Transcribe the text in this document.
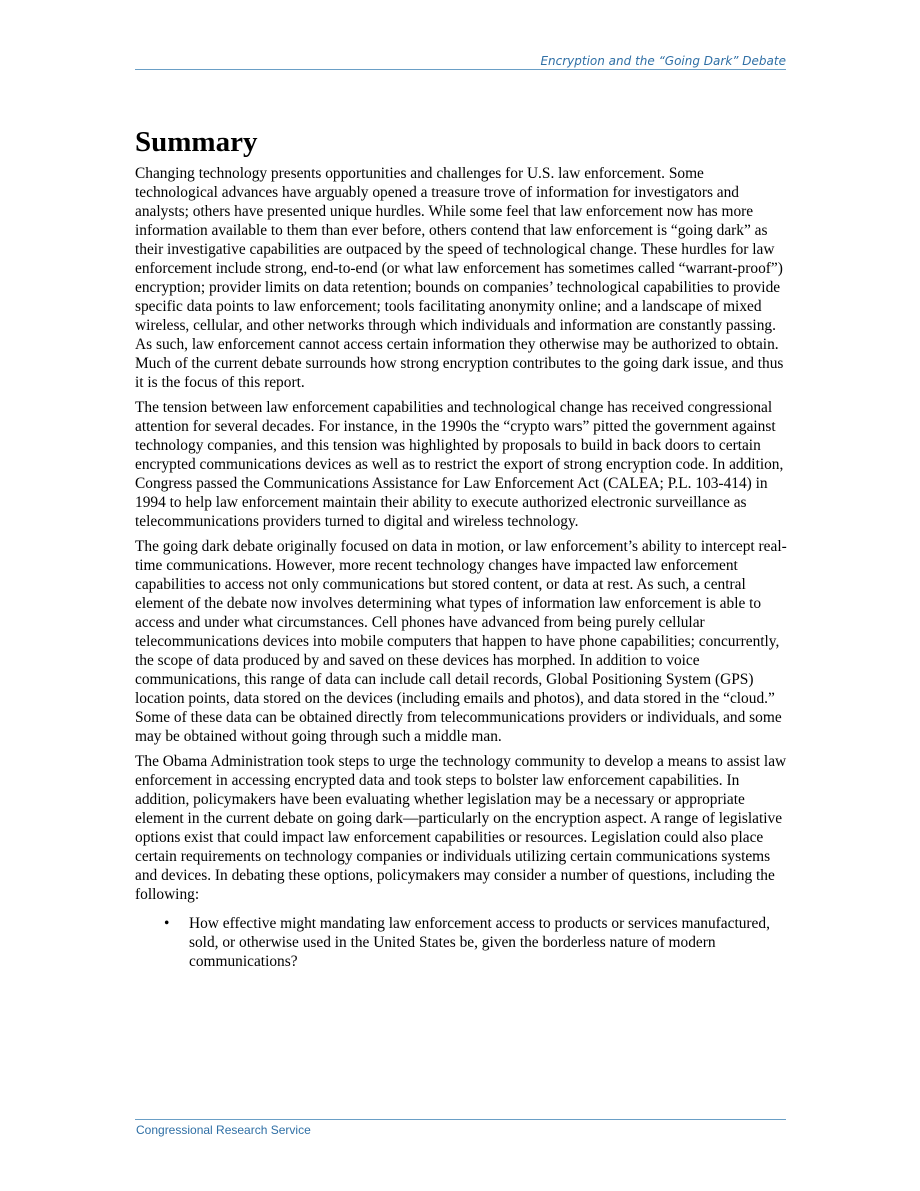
Encryption and the “Going Dark” Debate
Summary

Changing technology presents opportunities and challenges for U.S. law enforcement. Some technological advances have arguably opened a treasure trove of information for investigators and analysts; others have presented unique hurdles. While some feel that law enforcement now has more information available to them than ever before, others contend that law enforcement is “going dark” as their investigative capabilities are outpaced by the speed of technological change. These hurdles for law enforcement include strong, end-to-end (or what law enforcement has sometimes called “warrant-proof”) encryption; provider limits on data retention; bounds on companies’ technological capabilities to provide specific data points to law enforcement; tools facilitating anonymity online; and a landscape of mixed wireless, cellular, and other networks through which individuals and information are constantly passing. As such, law enforcement cannot access certain information they otherwise may be authorized to obtain. Much of the current debate surrounds how strong encryption contributes to the going dark issue, and thus it is the focus of this report.

The tension between law enforcement capabilities and technological change has received congressional attention for several decades. For instance, in the 1990s the “crypto wars” pitted the government against technology companies, and this tension was highlighted by proposals to build in back doors to certain encrypted communications devices as well as to restrict the export of strong encryption code. In addition, Congress passed the Communications Assistance for Law Enforcement Act (CALEA; P.L. 103-414) in 1994 to help law enforcement maintain their ability to execute authorized electronic surveillance as telecommunications providers turned to digital and wireless technology.

The going dark debate originally focused on data in motion, or law enforcement’s ability to intercept real-time communications. However, more recent technology changes have impacted law enforcement capabilities to access not only communications but stored content, or data at rest. As such, a central element of the debate now involves determining what types of information law enforcement is able to access and under what circumstances. Cell phones have advanced from being purely cellular telecommunications devices into mobile computers that happen to have phone capabilities; concurrently, the scope of data produced by and saved on these devices has morphed. In addition to voice communications, this range of data can include call detail records, Global Positioning System (GPS) location points, data stored on the devices (including emails and photos), and data stored in the “cloud.” Some of these data can be obtained directly from telecommunications providers or individuals, and some may be obtained without going through such a middle man.

The Obama Administration took steps to urge the technology community to develop a means to assist law enforcement in accessing encrypted data and took steps to bolster law enforcement capabilities. In addition, policymakers have been evaluating whether legislation may be a necessary or appropriate element in the current debate on going dark—particularly on the encryption aspect. A range of legislative options exist that could impact law enforcement capabilities or resources. Legislation could also place certain requirements on technology companies or individuals utilizing certain communications systems and devices. In debating these options, policymakers may consider a number of questions, including the following:

• How effective might mandating law enforcement access to products or services manufactured, sold, or otherwise used in the United States be, given the borderless nature of modern communications?
Congressional Research Service
